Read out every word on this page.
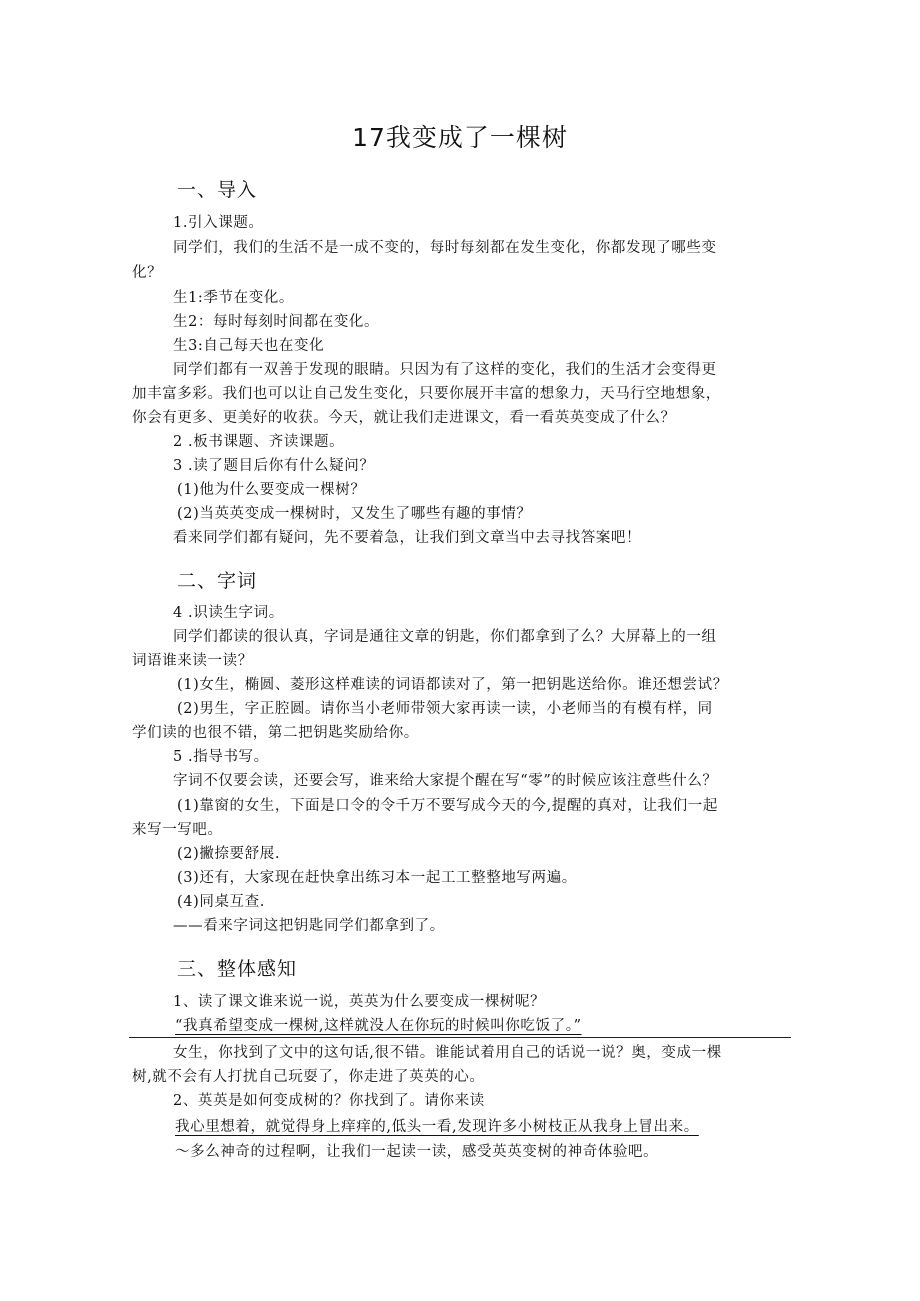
17我变成了一棵树
一、导入
1.引入课题。
同学们，我们的生活不是一成不变的，每时每刻都在发生变化，你都发现了哪些变
化？
生1:季节在变化。
生2：每时每刻时间都在变化。
生3:自己每天也在变化
同学们都有一双善于发现的眼睛。只因为有了这样的变化，我们的生活才会变得更
加丰富多彩。我们也可以让自己发生变化，只要你展开丰富的想象力，天马行空地想象，
你会有更多、更美好的收获。今天，就让我们走进课文，看一看英英变成了什么？
2 .板书课题、齐读课题。
3 .读了题目后你有什么疑问？
(1)他为什么要变成一棵树？
(2)当英英变成一棵树时，又发生了哪些有趣的事情？
看来同学们都有疑问，先不要着急，让我们到文章当中去寻找答案吧！
二、字词
4 .识读生字词。
同学们都读的很认真，字词是通往文章的钥匙，你们都拿到了么？大屏幕上的一组
词语谁来读一读？
(1)女生，椭圆、菱形这样难读的词语都读对了，第一把钥匙送给你。谁还想尝试？
(2)男生，字正腔圆。请你当小老师带领大家再读一读，小老师当的有模有样，同
学们读的也很不错，第二把钥匙奖励给你。
5 .指导书写。
字词不仅要会读，还要会写，谁来给大家提个醒在写“零”的时候应该注意些什么？
(1)靠窗的女生，下面是口令的令千万不要写成今天的今,提醒的真对，让我们一起
来写一写吧。
(2)撇捺要舒展.
(3)还有，大家现在赶快拿出练习本一起工工整整地写两遍。
(4)同桌互查.
——看来字词这把钥匙同学们都拿到了。
三、整体感知
1、读了课文谁来说一说，英英为什么要变成一棵树呢？
“我真希望变成一棵树,这样就没人在你玩的时候叫你吃饭了。”
女生，你找到了文中的这句话,很不错。谁能试着用自己的话说一说？奥，变成一棵
树,就不会有人打扰自己玩耍了，你走进了英英的心。
2、英英是如何变成树的？你找到了。请你来读
我心里想着，就觉得身上痒痒的,低头一看,发现许多小树枝正从我身上冒出来。
～多么神奇的过程啊，让我们一起读一读，感受英英变树的神奇体验吧。
